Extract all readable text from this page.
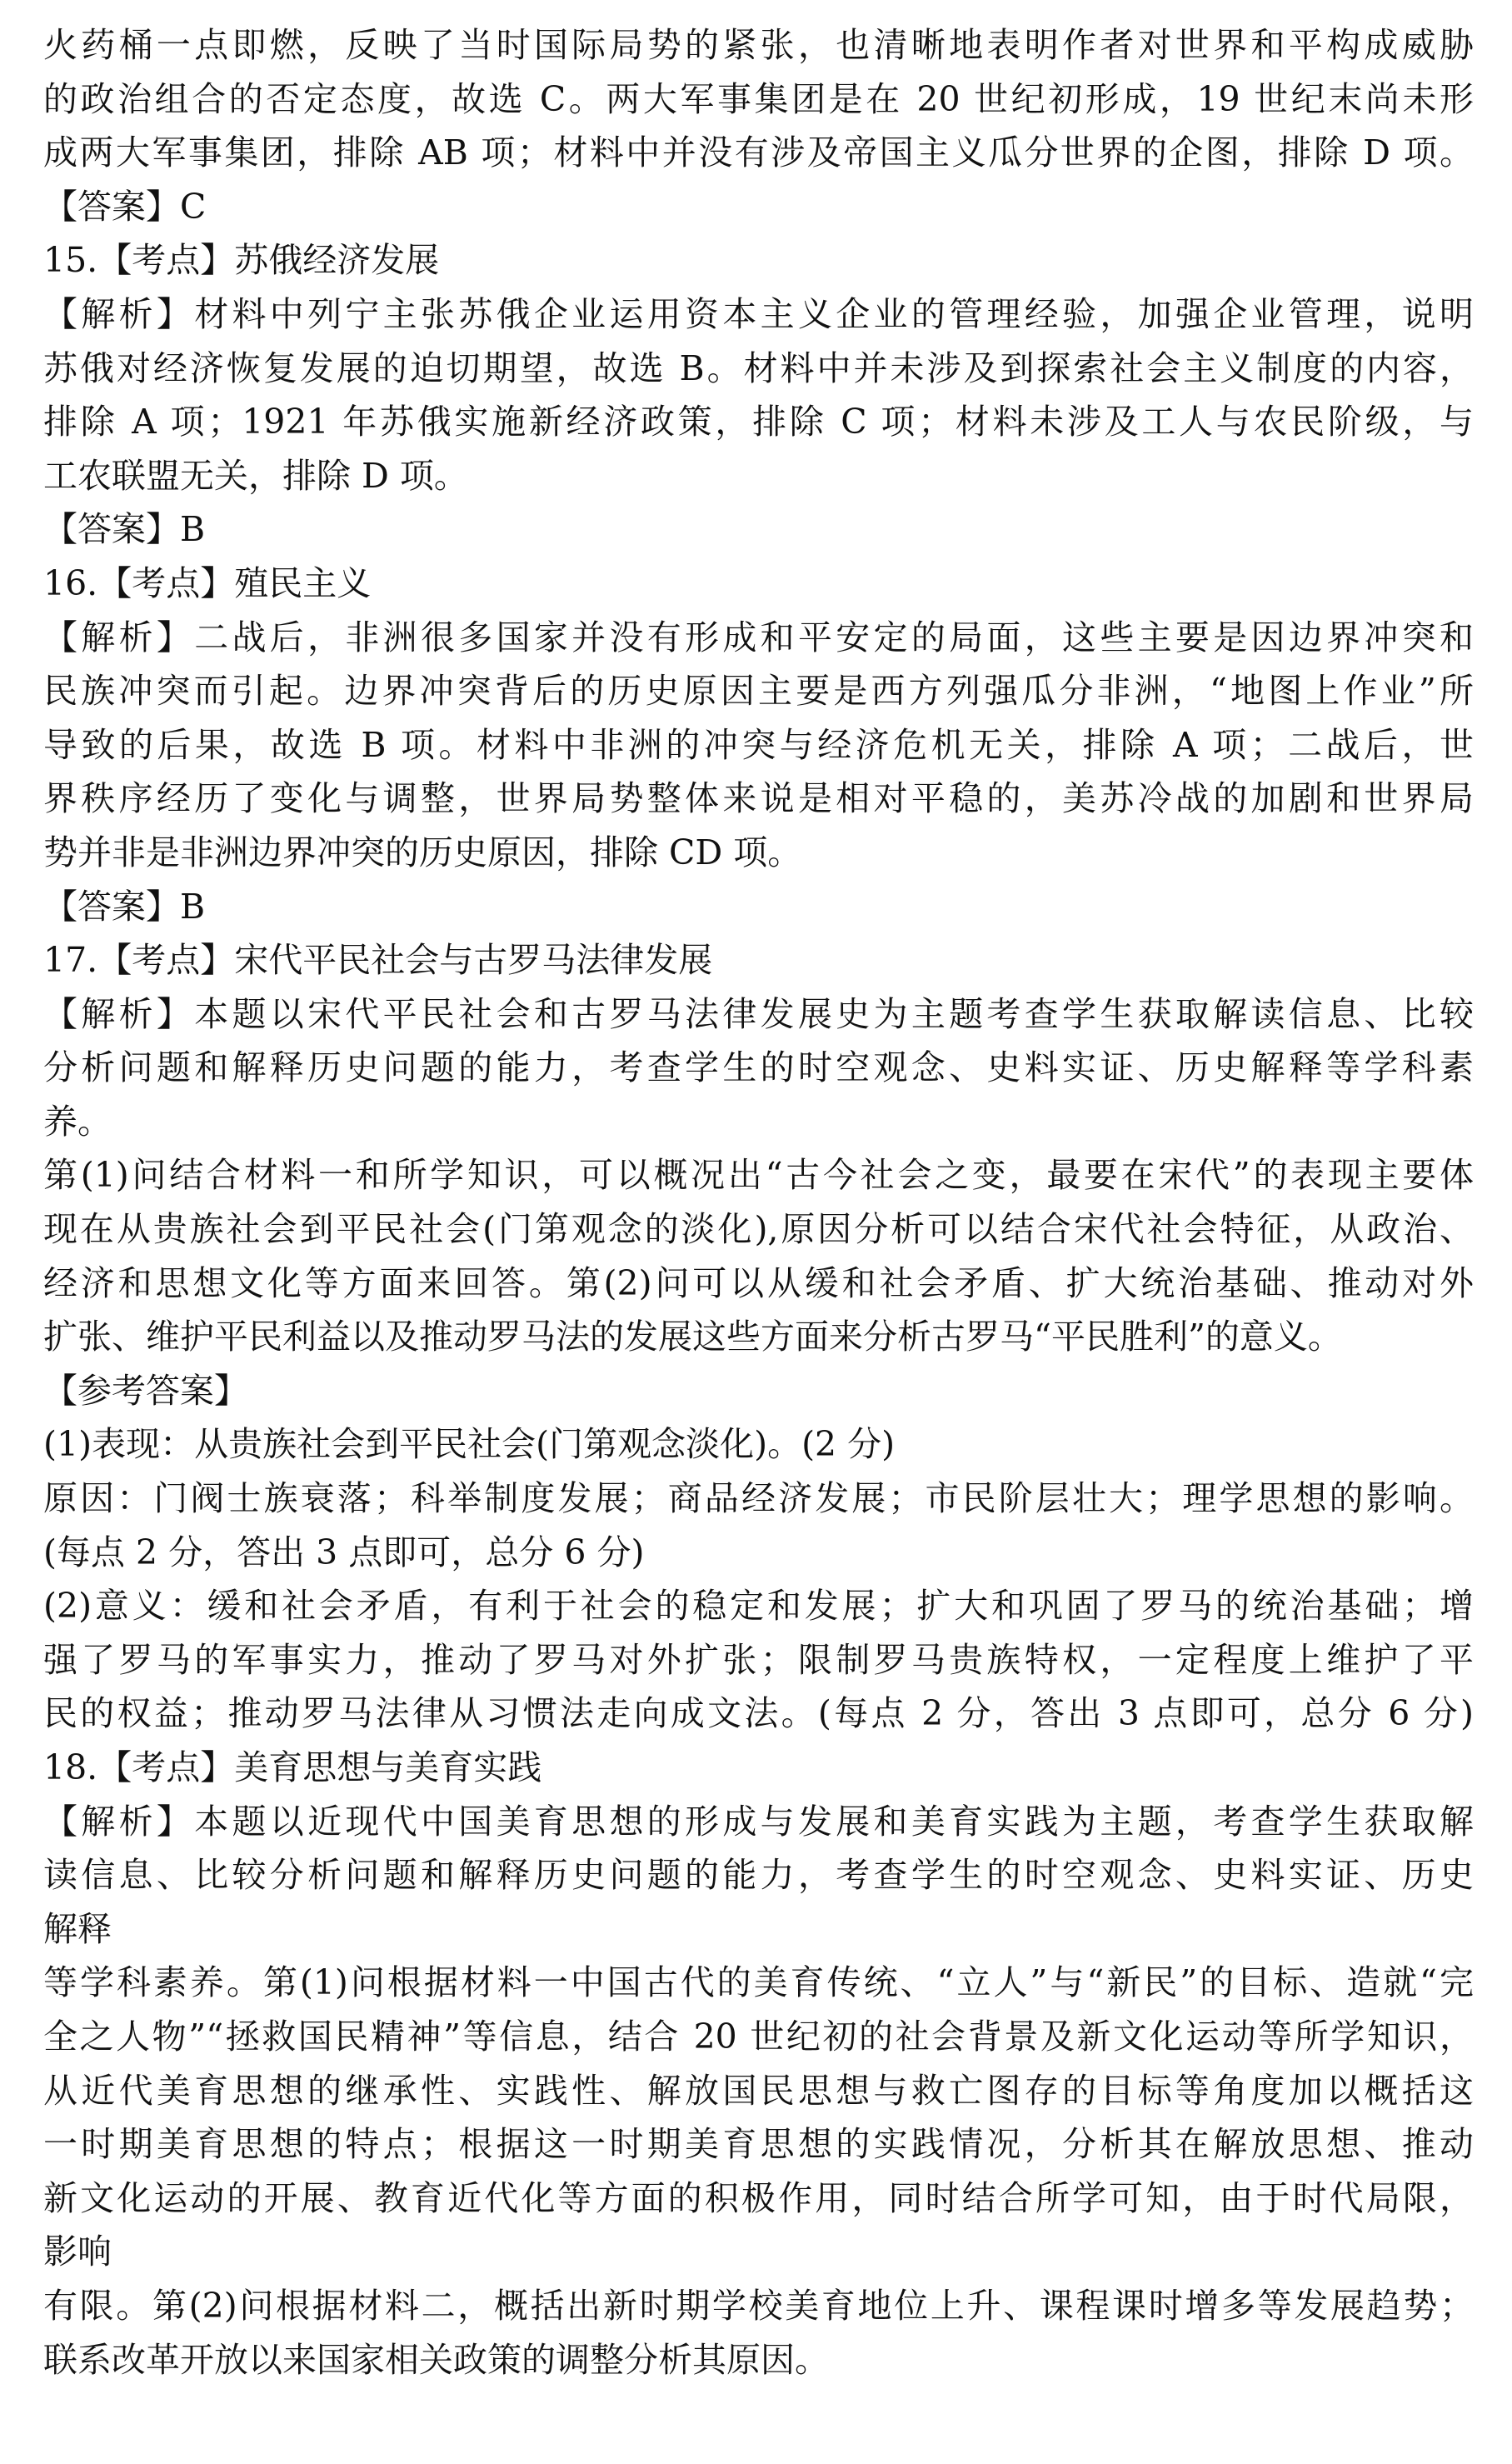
火药桶一点即燃，反映了当时国际局势的紧张，也清晰地表明作者对世界和平构成威胁
的政治组合的否定态度，故选 C。两大军事集团是在 20 世纪初形成，19 世纪末尚未形
成两大军事集团，排除 AB 项；材料中并没有涉及帝国主义瓜分世界的企图，排除 D 项。
【答案】C
15.【考点】苏俄经济发展
【解析】材料中列宁主张苏俄企业运用资本主义企业的管理经验，加强企业管理，说明
苏俄对经济恢复发展的迫切期望，故选 B。材料中并未涉及到探索社会主义制度的内容，
排除 A 项；1921 年苏俄实施新经济政策，排除 C 项；材料未涉及工人与农民阶级，与
工农联盟无关，排除 D 项。
【答案】B
16.【考点】殖民主义
【解析】二战后，非洲很多国家并没有形成和平安定的局面，这些主要是因边界冲突和
民族冲突而引起。边界冲突背后的历史原因主要是西方列强瓜分非洲，“地图上作业”所
导致的后果，故选 B 项。材料中非洲的冲突与经济危机无关，排除 A 项；二战后，世
界秩序经历了变化与调整，世界局势整体来说是相对平稳的，美苏冷战的加剧和世界局
势并非是非洲边界冲突的历史原因，排除 CD 项。
【答案】B
17.【考点】宋代平民社会与古罗马法律发展
【解析】本题以宋代平民社会和古罗马法律发展史为主题考查学生获取解读信息、比较
分析问题和解释历史问题的能力，考查学生的时空观念、史料实证、历史解释等学科素
养。
第(1)问结合材料一和所学知识，可以概况出“古今社会之变，最要在宋代”的表现主要体
现在从贵族社会到平民社会(门第观念的淡化),原因分析可以结合宋代社会特征，从政治、
经济和思想文化等方面来回答。第(2)问可以从缓和社会矛盾、扩大统治基础、推动对外
扩张、维护平民利益以及推动罗马法的发展这些方面来分析古罗马“平民胜利”的意义。
【参考答案】
(1)表现：从贵族社会到平民社会(门第观念淡化)。(2 分)
原因：门阀士族衰落；科举制度发展；商品经济发展；市民阶层壮大；理学思想的影响。
(每点 2 分，答出 3 点即可，总分 6 分)
(2)意义：缓和社会矛盾，有利于社会的稳定和发展；扩大和巩固了罗马的统治基础；增
强了罗马的军事实力，推动了罗马对外扩张；限制罗马贵族特权，一定程度上维护了平
民的权益；推动罗马法律从习惯法走向成文法。(每点 2 分，答出 3 点即可，总分 6 分)
18.【考点】美育思想与美育实践
【解析】本题以近现代中国美育思想的形成与发展和美育实践为主题，考查学生获取解
读信息、比较分析问题和解释历史问题的能力，考查学生的时空观念、史料实证、历史
解释
等学科素养。第(1)问根据材料一中国古代的美育传统、“立人”与“新民”的目标、造就“完
全之人物”“拯救国民精神”等信息，结合 20 世纪初的社会背景及新文化运动等所学知识，
从近代美育思想的继承性、实践性、解放国民思想与救亡图存的目标等角度加以概括这
一时期美育思想的特点；根据这一时期美育思想的实践情况，分析其在解放思想、推动
新文化运动的开展、教育近代化等方面的积极作用，同时结合所学可知，由于时代局限，
影响
有限。第(2)问根据材料二，概括出新时期学校美育地位上升、课程课时增多等发展趋势；
联系改革开放以来国家相关政策的调整分析其原因。
